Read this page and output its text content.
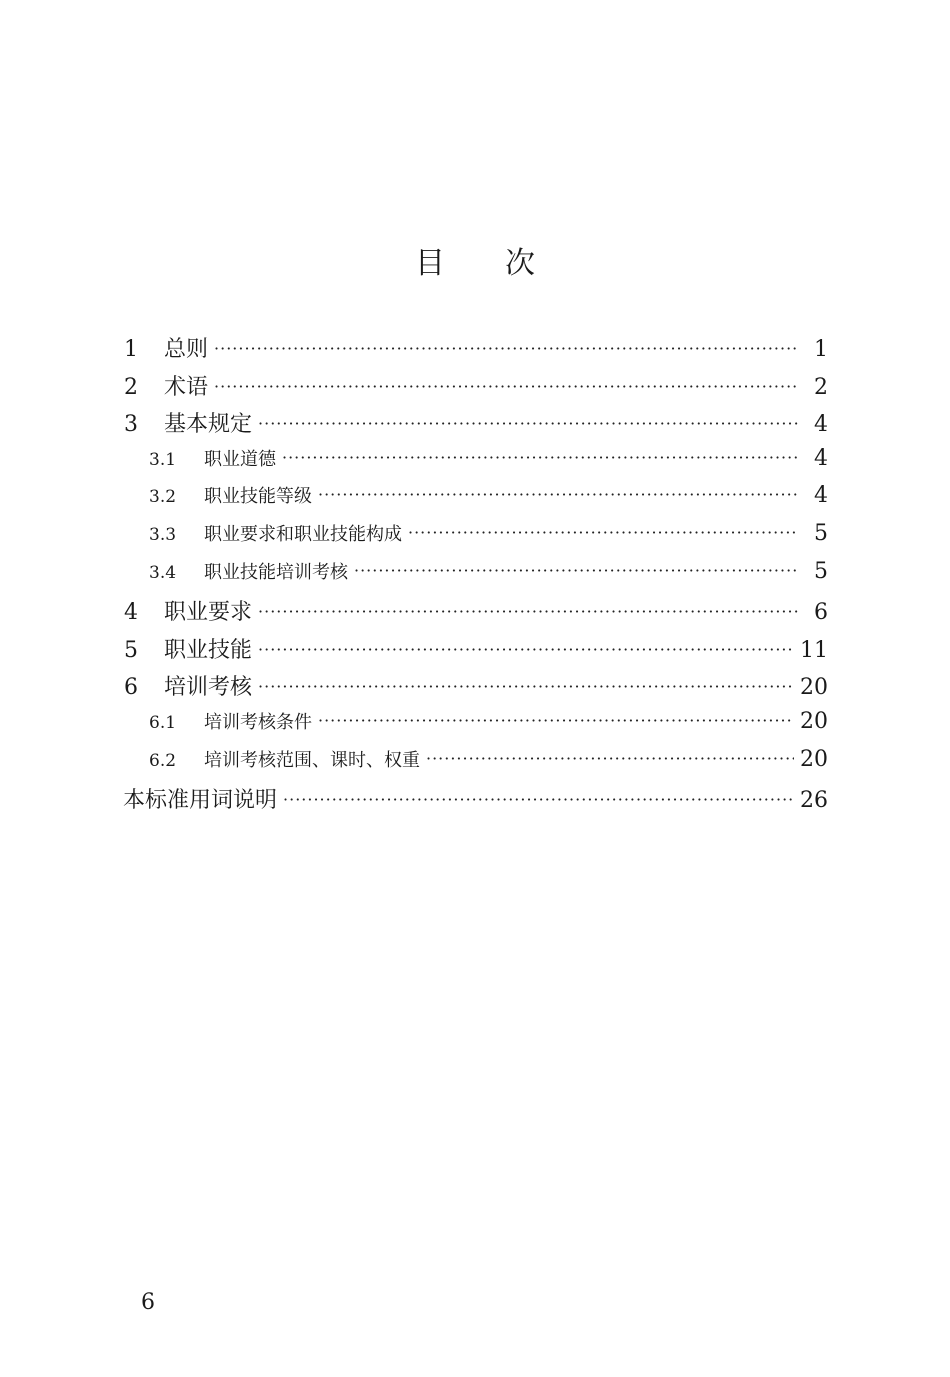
目 次
1	总则 ·····	1
2	术语 ·····	2
3	基本规定 ·····	4
3.1	职业道德 ·····	4
3.2	职业技能等级 ·····	4
3.3	职业要求和职业技能构成 ·····	5
3.4	职业技能培训考核 ·····	5
4	职业要求 ·····	6
5	职业技能 ·····	11
6	培训考核 ·····	20
6.1	培训考核条件 ·····	20
6.2	培训考核范围、课时、权重 ·····	20
本标准用词说明 ·····	26
6
